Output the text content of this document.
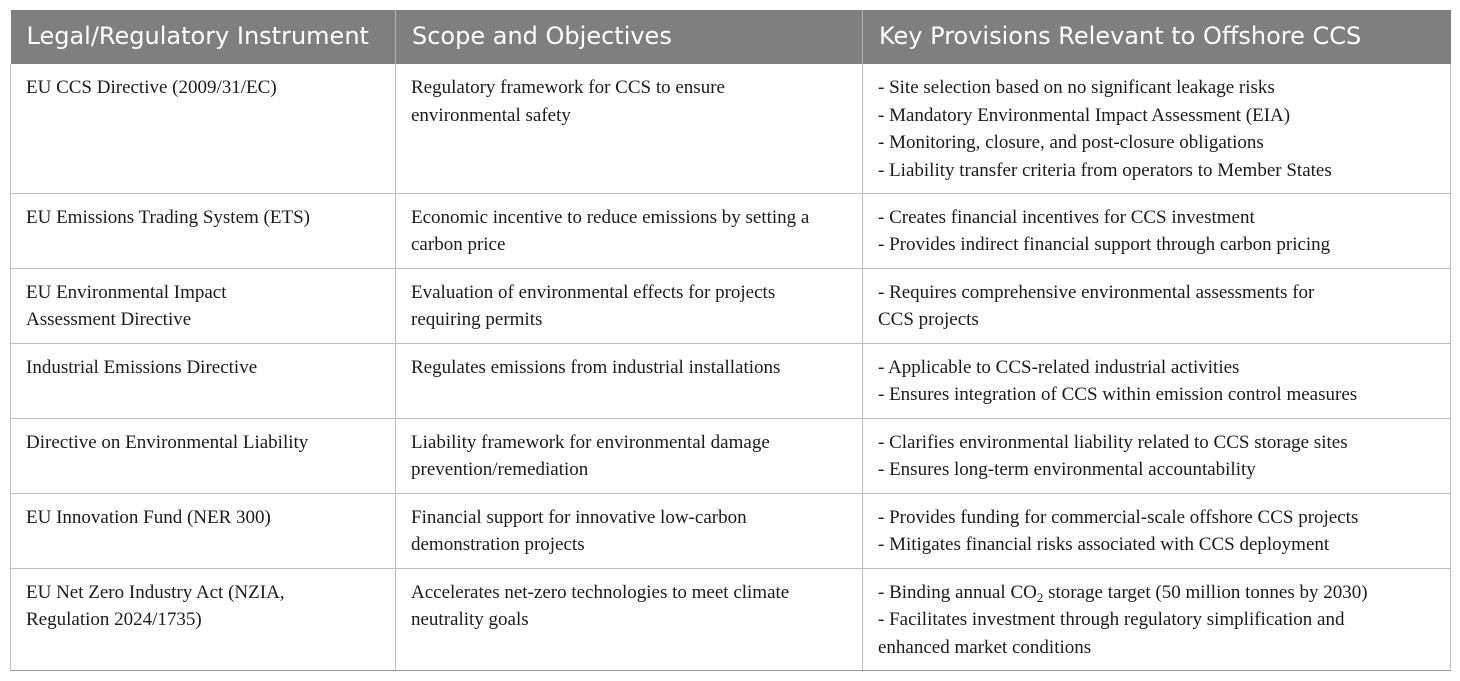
Legal/Regulatory Instrument	Scope and Objectives	Key Provisions Relevant to Offshore CCS

EU CCS Directive (2009/31/EC)	Regulatory framework for CCS to ensure
environmental safety	- Site selection based on no significant leakage risks
- Mandatory Environmental Impact Assessment (EIA)
- Monitoring, closure, and post-closure obligations
- Liability transfer criteria from operators to Member States

EU Emissions Trading System (ETS)	Economic incentive to reduce emissions by setting a
carbon price	- Creates financial incentives for CCS investment
- Provides indirect financial support through carbon pricing

EU Environmental Impact
Assessment Directive	Evaluation of environmental effects for projects
requiring permits	- Requires comprehensive environmental assessments for
CCS projects

Industrial Emissions Directive	Regulates emissions from industrial installations	- Applicable to CCS-related industrial activities
- Ensures integration of CCS within emission control measures

Directive on Environmental Liability	Liability framework for environmental damage
prevention/remediation	- Clarifies environmental liability related to CCS storage sites
- Ensures long-term environmental accountability

EU Innovation Fund (NER 300)	Financial support for innovative low-carbon
demonstration projects	- Provides funding for commercial-scale offshore CCS projects
- Mitigates financial risks associated with CCS deployment

EU Net Zero Industry Act (NZIA,
Regulation 2024/1735)	Accelerates net-zero technologies to meet climate
neutrality goals	- Binding annual $CO_2$ storage target (50 million tonnes by 2030)
- Facilitates investment through regulatory simplification and
enhanced market conditions
